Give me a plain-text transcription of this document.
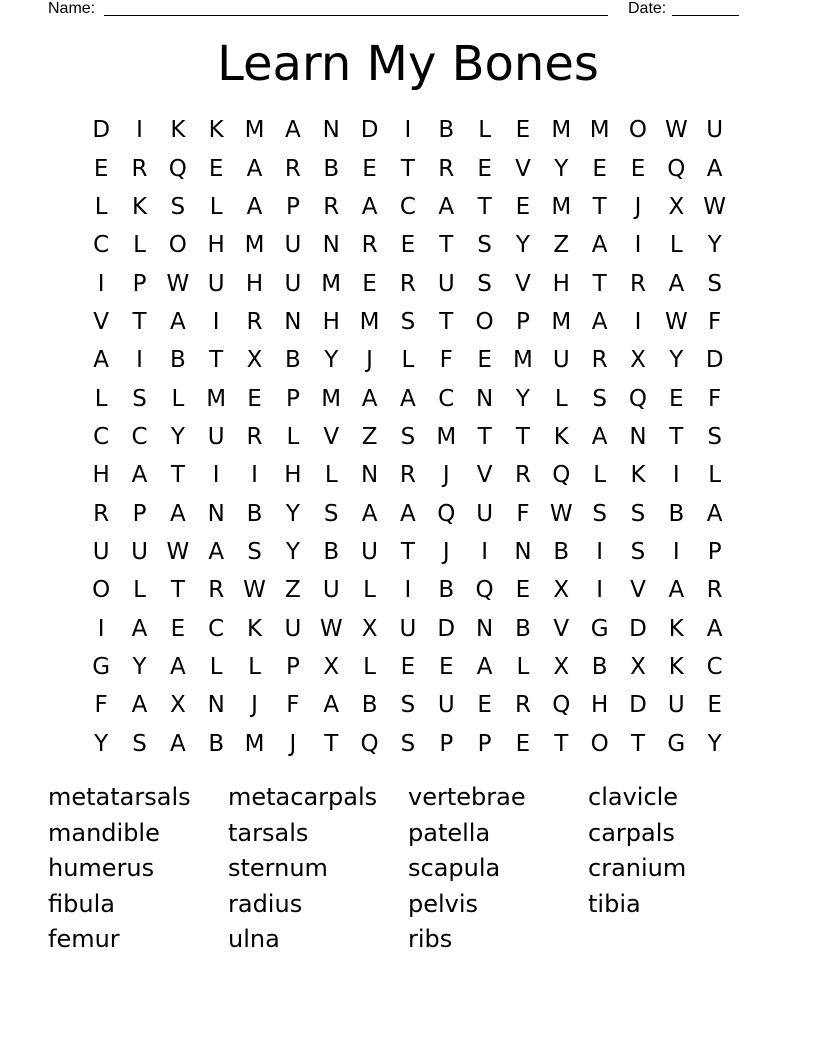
Name:	Date:
Learn My Bones
D	I	K	K M A N D	I	B	L	E M M O W U
E	R Q E	A R B	E	T	R	E	V	Y	E	E Q A
L	K	S	L	A	P	R A C A	T	E M T	J	X W
C	L O H M U N R	E	T	S	Y	Z A	I	L	Y
I	P W U H U M E	R U S	V H T	R A	S
V	T	A	I	R N H M S	T O P M A	I	W F
A	I	B	T	X B	Y	J	L	F	E M U R X	Y D
L	S	L M E	P M A A C N Y	L	S Q E	F
C C	Y U R	L	V Z	S M T	T	K A N T	S
H A	T	I	I	H	L	N R	J	V R Q L	K	I	L
R	P	A N B	Y	S	A A Q U	F W S	S	B A
U U W A	S	Y	B U T	J	I	N B	I	S	I	P
O L	T	R W Z U	L	I	B Q E	X	I	V A R
I	A	E	C K U W X U D N B V G D K A
G Y	A	L	L	P	X	L	E	E	A	L	X B X K C
F	A X N	J	F	A B	S U E	R Q H D U E
Y	S	A B M	J	T Q S	P	P	E	T O T G Y
metatarsals	metacarpals	vertebrae	clavicle
mandible	tarsals	patella	carpals
humerus	sternum	scapula	cranium
fibula	radius	pelvis	tibia
femur	ulna	ribs
